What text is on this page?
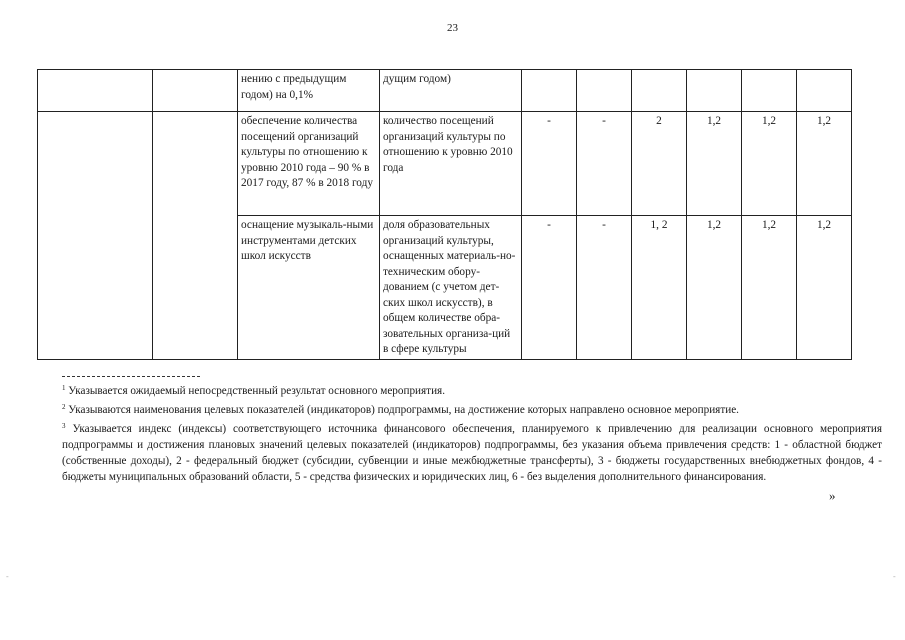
23
		нению с предыдущим годом) на 0,1%	дущим годом)						
		обеспечение количества посещений организаций культуры по отношению к уровню 2010 года – 90 % в 2017 году, 87 % в 2018 году	количество посещений организаций культуры по отношению к уровню 2010 года	-	-	2	1,2	1,2	1,2
		оснащение музыкаль-ными инструментами детских школ искусств	доля образовательных организаций культуры, оснащенных материаль-но-техническим обору-дованием (с учетом дет-ских школ искусств), в общем количестве обра-зовательных организа-ций в сфере культуры	-	-	1, 2	1,2	1,2	1,2

$^1$ Указывается ожидаемый непосредственный результат основного мероприятия.

$^2$ Указываются наименования целевых показателей (индикаторов) подпрограммы, на достижение которых направлено основное мероприятие.

$^3$ Указывается индекс (индексы) соответствующего источника финансового обеспечения, планируемого к привлечению для реализации основного мероприятия подпрограммы и достижения плановых значений целевых показателей (индикаторов) подпрограммы, без указания объема привлечения средств: 1 - областной бюджет (собственные доходы), 2 - федеральный бюджет (субсидии, субвенции и иные межбюджетные трансферты), 3 - бюджеты государственных внебюджетных фондов, 4 - бюджеты муниципальных образований области, 5 - средства физических и юридических лиц, 6 - без выделения дополнительного финансирования.

»
-	-
